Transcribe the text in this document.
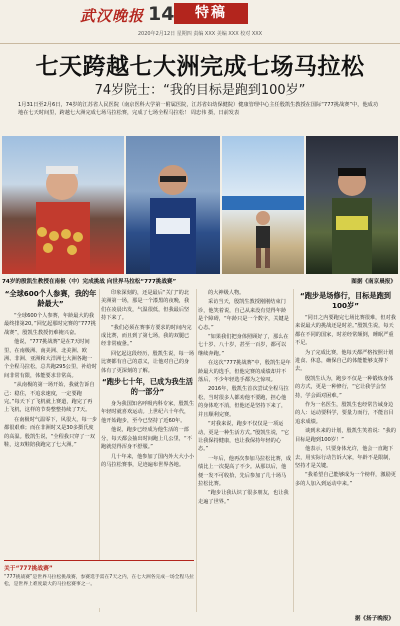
武汉晚报 14	特稿
2020年2月12日 星期四 责编 XXX 美编 XXX 校对 XXX
七天跨越七大洲完成七场马拉松
74岁院士：“我的目标是跑到100岁”
1月31日至2月6日，74岁的江苏省人民医院（南京医科大学第一附属医院，江苏省妇幼保健院）健康管理中心主任殷凯生教授在国际“777挑战赛”中，他成功地在七天时间里，跨越七大洲完成七场马拉松赛，完成了七场全程马拉松！ 周忠伟 摄，日前发表
74岁的殷凯生教授在南极（中）完成挑战 向世界马拉松“777挑战赛”	图据《南京晨报》
“全球600个人参赛，我的年龄最大”

“全球600个人参赛，年龄最大的我最终排第20。”回忆起那时完赛的“777挑战赛”，殷凯生教授仍难掩兴奋。

他说，“777挑战赛”是在7天时间里，在南极洲、南美洲、北美洲、欧洲、非洲、亚洲和大洋洲七大洲各跑一个全程马拉松，总共跑295公里，补给时间非常有限，体能要求非常高。

“从南极的第一场开始，我就告诉自己：稳住，不追求速度，一定要跑完。”每天下了飞机就上赛道，跑完了再上飞机，这样的节奏整整持续了7天。

在南极时气温零下，风很大，每一步都很艰难；而在非洲时又是30多摄氏度的高温。殷凯生说，“全程我只穿了一双鞋，这双鞋陪我跑完了七大洲。”

印象深刻的，还是最后“关门”的北美洲第一场，那是一个漆黑的夜晚，我们在凌晨出发，气温很低，但我最后坚持下来了。

“我们必须在赛事方要求的时间内完成比赛，而且到了第七场，我的双腿已经非常疲惫。”

回忆起这段经历，殷凯生说，每一场比赛都有自己的意义，让他对自己的身体有了更深刻的了解。

“跑步七十年，已成为我生活的一部分”

身为我国知名呼吸内科专家，殷凯生年轻时就喜欢运动。上世纪六十年代，他开始跑步，至今已坚持了近60年。

他说，跑步已经成为他生活的一部分，每天都会抽出时间跑上几公里，“不跑就觉得浑身不舒服。”

几十年来，他参加了国内外大大小小的马拉松赛事，足迹遍布世界各地。

的大神级人物。

采访当天，殷凯生教授刚刚结束门诊，他笑着说，自己从来没有觉得年龄是个障碍，“年龄只是一个数字，关键是心态。”

“如果我们把身体照顾好了，那么在七十岁、八十岁，甚至一百岁，都可以继续奔跑。”

在这次“777挑战赛”中，殷凯生是年龄最大的选手，但他完赛的成绩却并不落后，不少年轻选手都为之惊叹。

2016年，殷凯生首次尝试全程马拉松，当时很多人都劝他不要跑，担心他的身体吃不消，但他还是坚持下来了，并且顺利完赛。

“对我来说，跑步不仅仅是一项运动，更是一种生活方式。”殷凯生说，“它让我保持健康，也让我保持年轻的心态。”

一年后，他再次参加马拉松比赛，成绩比上一次提高了不少。从那以后，他便一发不可收拾，先后参加了几十场马拉松比赛。

“跑步让我认识了很多朋友，也让我走遍了世界。”

“跑步是场修行，目标是跑到100岁”

“同日之内要跑完七场比赛很难，但对我来说最大的挑战还是时差。”殷凯生说，每天都在不同的国家，时差经常颠倒，睡眠严重不足。

为了完成比赛，他每天都严格按照计划进食、休息，确保自己的体能能够支撑下去。

殷凯生认为，跑步不仅是一种锻炼身体的方式，更是一种修行，“它让我学会坚持，学会面对困难。”

作为一名医生，殷凯生也经常告诫身边的人：运动要科学，要量力而行，不能盲目追求成绩。

谈到未来的计划，殷凯生笑着说：“我的目标是跑到100岁！”

他表示，只要身体允许，他会一直跑下去，用实际行动告诉大家，年龄不是限制，坚持才是关键。

“我希望自己能够成为一个榜样，激励更多的人加入到运动中来。”

关于“777挑战赛”
“777挑战赛”是世界马拉松挑战赛，参赛选手需在7天之内，在七大洲各完成一场全程马拉松，是世界上难度最大的马拉松赛事之一。
据《扬子晚报》
